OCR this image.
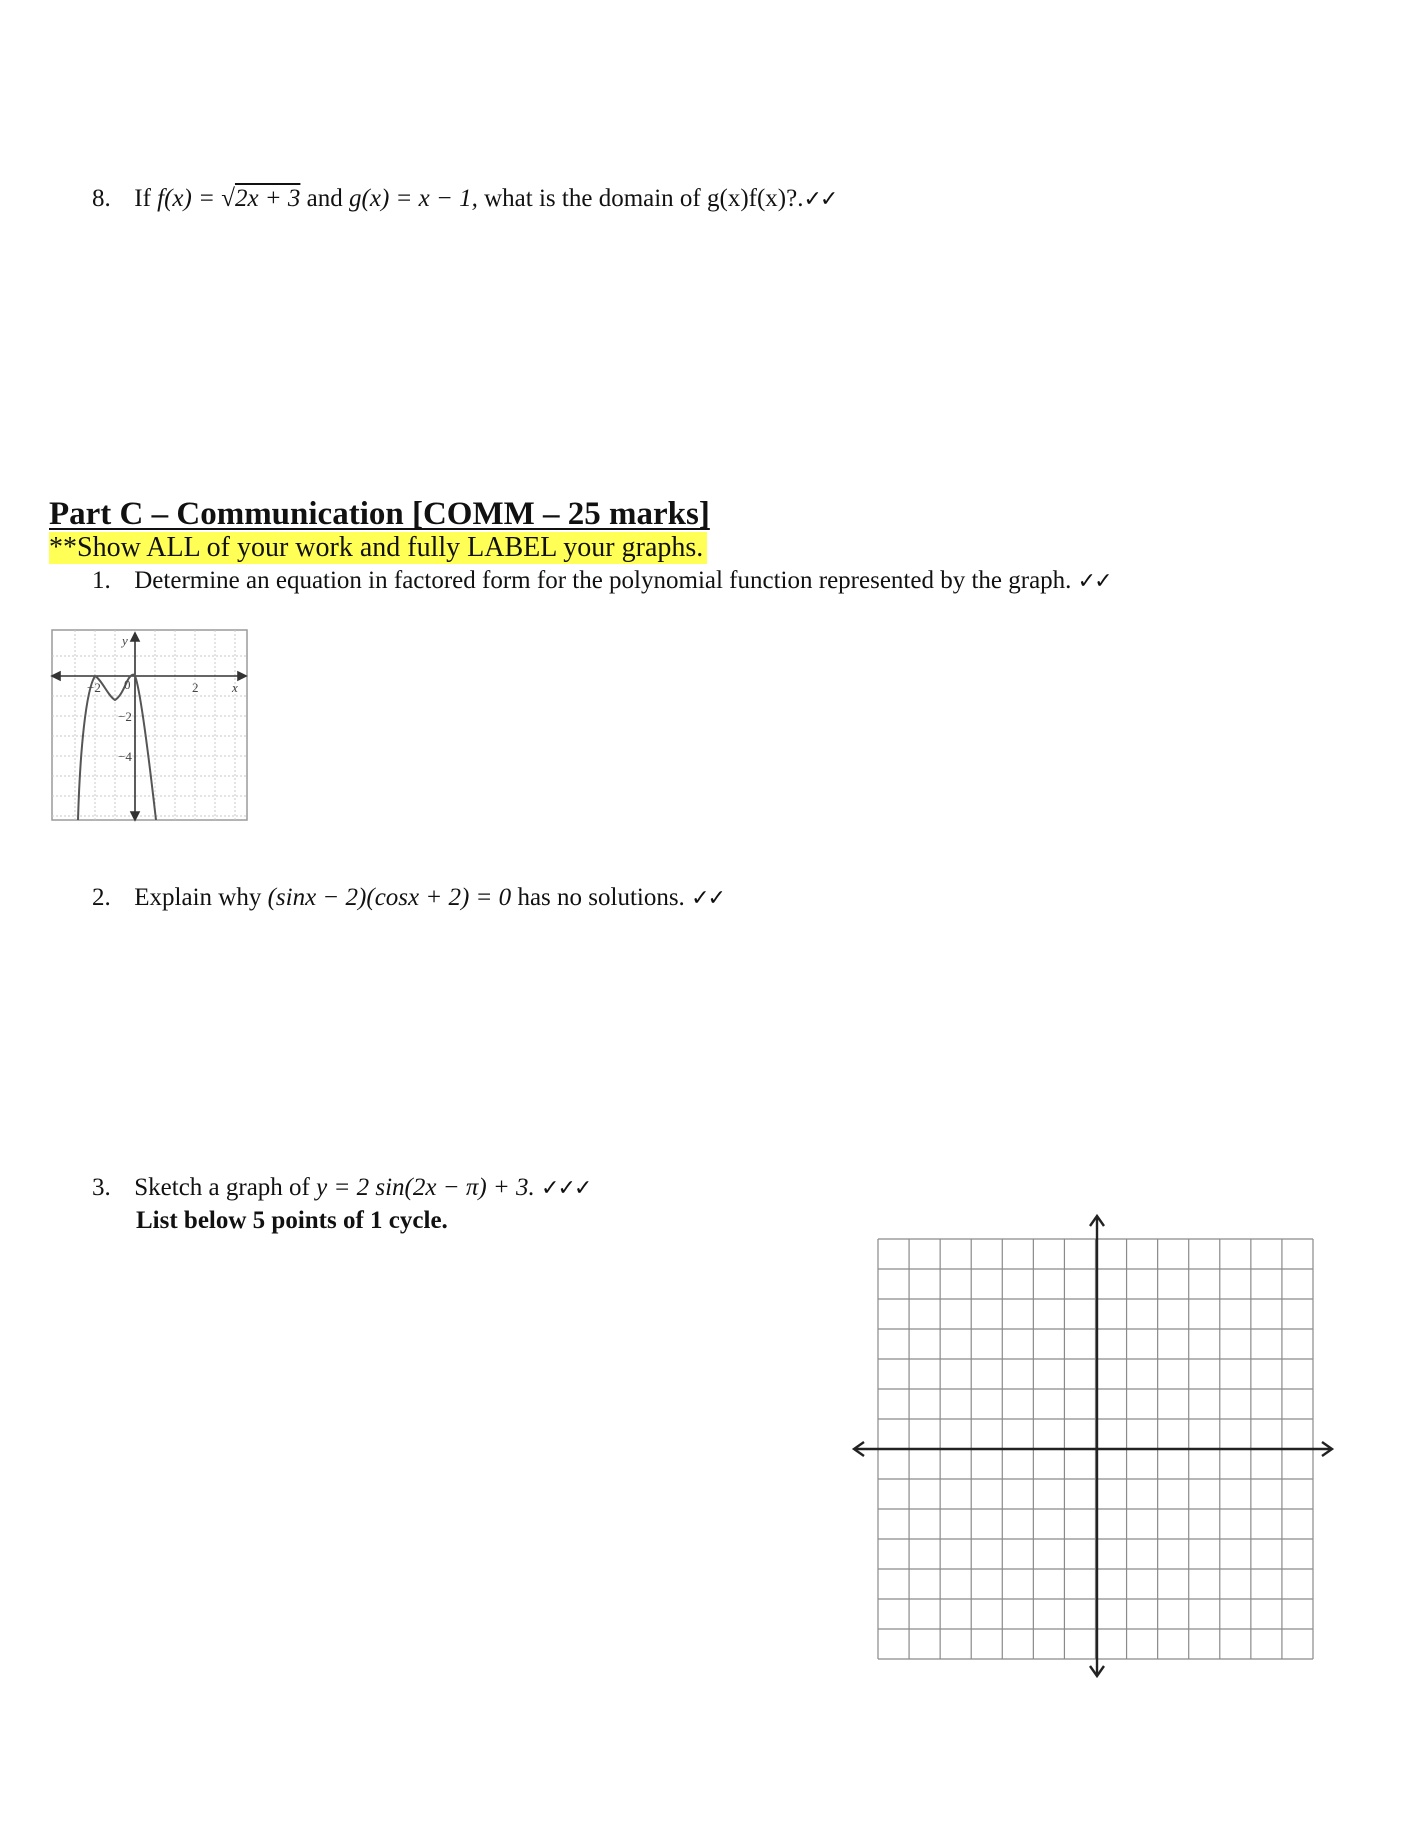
8. If f(x) = √2x + 3 and g(x) = x − 1, what is the domain of g(x)f(x)?.✓✓
Part C – Communication [COMM – 25 marks]
**Show ALL of your work and fully LABEL your graphs.
1. Determine an equation in factored form for the polynomial function represented by the graph. ✓✓
y
x
−2 0	2
−2
−4
2. Explain why (sinx − 2)(cosx + 2) = 0 has no solutions. ✓✓
3. Sketch a graph of y = 2 sin(2x − π) + 3. ✓✓✓
List below 5 points of 1 cycle.
